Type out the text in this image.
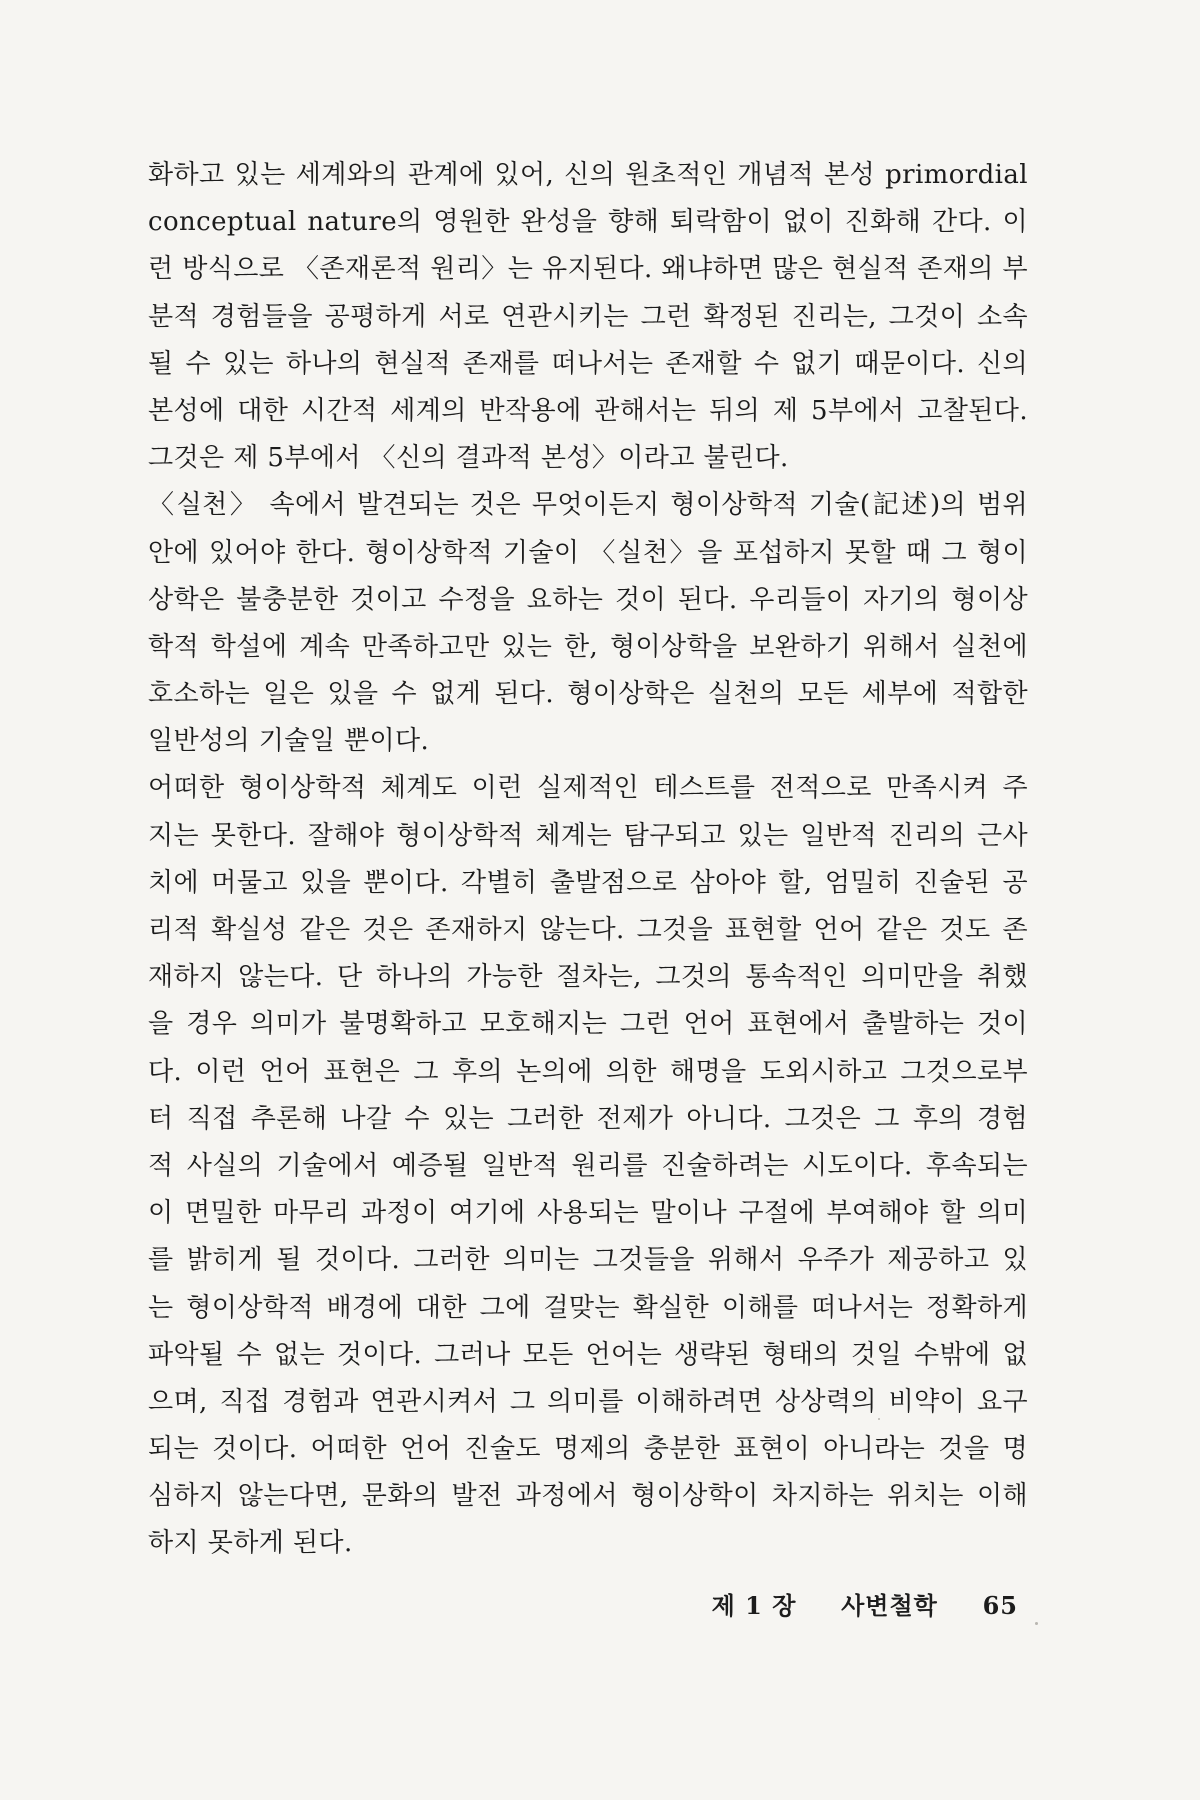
화하고 있는 세계와의 관계에 있어, 신의 원초적인 개념적 본성 primordial
conceptual nature의 영원한 완성을 향해 퇴락함이 없이 진화해 간다. 이
런 방식으로 〈존재론적 원리〉는 유지된다. 왜냐하면 많은 현실적 존재의 부
분적 경험들을 공평하게 서로 연관시키는 그런 확정된 진리는, 그것이 소속
될 수 있는 하나의 현실적 존재를 떠나서는 존재할 수 없기 때문이다. 신의
본성에 대한 시간적 세계의 반작용에 관해서는 뒤의 제 5부에서 고찰된다.
그것은 제 5부에서 〈신의 결과적 본성〉이라고 불린다.
〈실천〉 속에서 발견되는 것은 무엇이든지 형이상학적 기술(記述)의 범위
안에 있어야 한다. 형이상학적 기술이 〈실천〉을 포섭하지 못할 때 그 형이
상학은 불충분한 것이고 수정을 요하는 것이 된다. 우리들이 자기의 형이상
학적 학설에 계속 만족하고만 있는 한, 형이상학을 보완하기 위해서 실천에
호소하는 일은 있을 수 없게 된다. 형이상학은 실천의 모든 세부에 적합한
일반성의 기술일 뿐이다.
어떠한 형이상학적 체계도 이런 실제적인 테스트를 전적으로 만족시켜 주
지는 못한다. 잘해야 형이상학적 체계는 탐구되고 있는 일반적 진리의 근사
치에 머물고 있을 뿐이다. 각별히 출발점으로 삼아야 할, 엄밀히 진술된 공
리적 확실성 같은 것은 존재하지 않는다. 그것을 표현할 언어 같은 것도 존
재하지 않는다. 단 하나의 가능한 절차는, 그것의 통속적인 의미만을 취했
을 경우 의미가 불명확하고 모호해지는 그런 언어 표현에서 출발하는 것이
다. 이런 언어 표현은 그 후의 논의에 의한 해명을 도외시하고 그것으로부
터 직접 추론해 나갈 수 있는 그러한 전제가 아니다. 그것은 그 후의 경험
적 사실의 기술에서 예증될 일반적 원리를 진술하려는 시도이다. 후속되는
이 면밀한 마무리 과정이 여기에 사용되는 말이나 구절에 부여해야 할 의미
를 밝히게 될 것이다. 그러한 의미는 그것들을 위해서 우주가 제공하고 있
는 형이상학적 배경에 대한 그에 걸맞는 확실한 이해를 떠나서는 정확하게
파악될 수 없는 것이다. 그러나 모든 언어는 생략된 형태의 것일 수밖에 없
으며, 직접 경험과 연관시켜서 그 의미를 이해하려면 상상력의 비약이 요구
되는 것이다. 어떠한 언어 진술도 명제의 충분한 표현이 아니라는 것을 명
심하지 않는다면, 문화의 발전 과정에서 형이상학이 차지하는 위치는 이해
하지 못하게 된다.
제 1 장 사변철학 65
